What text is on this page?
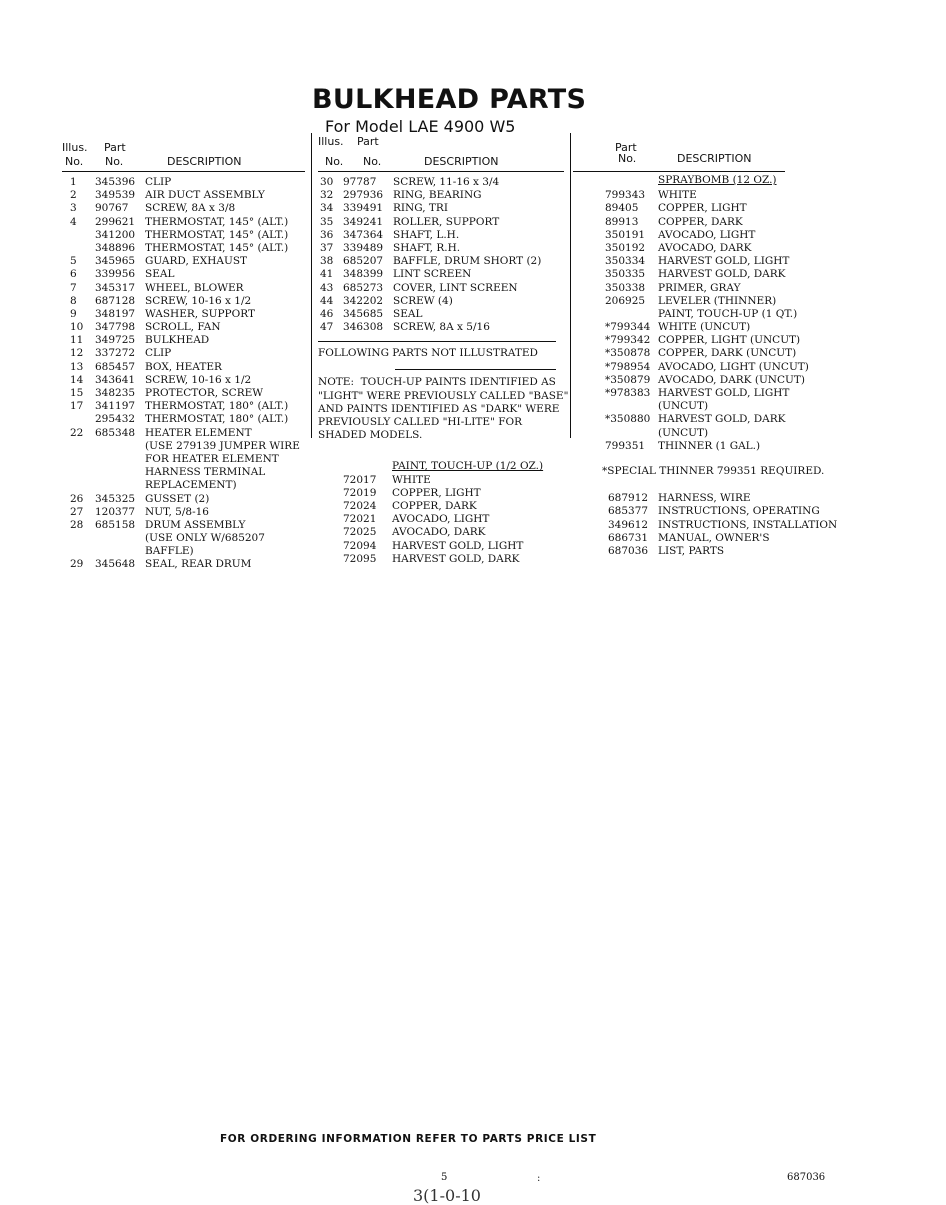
BULKHEAD PARTS
For Model LAE 4900 W5
Illus. Part
No. No.	DESCRIPTION
1 345396 CLIP
2 349539 AIR DUCT ASSEMBLY
3 90767 SCREW, 8A x 3/8
4 299621 THERMOSTAT, 145° (ALT.)
341200 THERMOSTAT, 145° (ALT.)
348896 THERMOSTAT, 145° (ALT.)
5 345965 GUARD, EXHAUST
6 339956 SEAL
7 345317 WHEEL, BLOWER
8 687128 SCREW, 10-16 x 1/2
9 348197 WASHER, SUPPORT
10 347798 SCROLL, FAN
11 349725 BULKHEAD
12 337272 CLIP
13 685457 BOX, HEATER
14 343641 SCREW, 10-16 x 1/2
15 348235 PROTECTOR, SCREW
17 341197 THERMOSTAT, 180° (ALT.)
295432 THERMOSTAT, 180° (ALT.)
22 685348 HEATER ELEMENT
(USE 279139 JUMPER WIRE
FOR HEATER ELEMENT
HARNESS TERMINAL
REPLACEMENT)
26 345325 GUSSET (2)
27 120377 NUT, 5/8-16
28 685158 DRUM ASSEMBLY
(USE ONLY W/685207
BAFFLE)
29 345648 SEAL, REAR DRUM
Illus. Part
No. No.	DESCRIPTION
30 97787 SCREW, 11-16 x 3/4
32 297936 RING, BEARING
34 339491 RING, TRI
35 349241 ROLLER, SUPPORT
36 347364 SHAFT, L.H.
37 339489 SHAFT, R.H.
38 685207 BAFFLE, DRUM SHORT (2)
41 348399 LINT SCREEN
43 685273 COVER, LINT SCREEN
44 342202 SCREW (4)
46 345685 SEAL
47 346308 SCREW, 8A x 5/16
FOLLOWING PARTS NOT ILLUSTRATED
NOTE:  TOUCH-UP PAINTS IDENTIFIED AS
"LIGHT" WERE PREVIOUSLY CALLED "BASE"
AND PAINTS IDENTIFIED AS "DARK" WERE
PREVIOUSLY CALLED "HI-LITE" FOR
SHADED MODELS.
PAINT, TOUCH-UP (1/2 OZ.)
72017 WHITE
72019 COPPER, LIGHT
72024 COPPER, DARK
72021 AVOCADO, LIGHT
72025 AVOCADO, DARK
72094 HARVEST GOLD, LIGHT
72095 HARVEST GOLD, DARK
Part
No.	DESCRIPTION
SPRAYBOMB (12 OZ.)
799343 WHITE
89405 COPPER, LIGHT
89913 COPPER, DARK
350191 AVOCADO, LIGHT
350192 AVOCADO, DARK
350334 HARVEST GOLD, LIGHT
350335 HARVEST GOLD, DARK
350338 PRIMER, GRAY
206925 LEVELER (THINNER)
PAINT, TOUCH-UP (1 QT.)
*799344 WHITE (UNCUT)
*799342 COPPER, LIGHT (UNCUT)
*350878 COPPER, DARK (UNCUT)
*798954 AVOCADO, LIGHT (UNCUT)
*350879 AVOCADO, DARK (UNCUT)
*978383 HARVEST GOLD, LIGHT
(UNCUT)
*350880 HARVEST GOLD, DARK
(UNCUT)
799351 THINNER (1 GAL.)
*SPECIAL THINNER 799351 REQUIRED.
687912 HARNESS, WIRE
685377 INSTRUCTIONS, OPERATING
349612 INSTRUCTIONS, INSTALLATION
686731 MANUAL, OWNER'S
687036 LIST, PARTS
FOR ORDERING INFORMATION REFER TO PARTS PRICE LIST
5	:	687036
3(1-0-10
